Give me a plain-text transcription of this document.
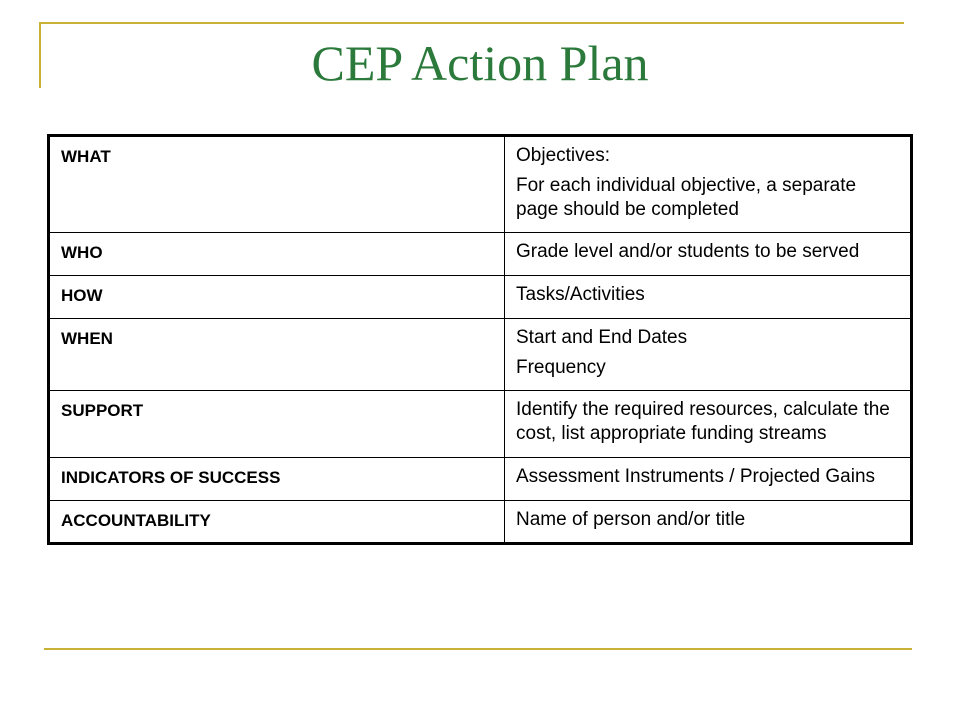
CEP Action Plan
WHAT	Objectives:

For each individual objective, a separate page should be completed

WHO	Grade level and/or students to be served

HOW	Tasks/Activities

WHEN	Start and End Dates

Frequency

SUPPORT	Identify the required resources, calculate the cost, list appropriate funding streams

INDICATORS OF SUCCESS	Assessment Instruments / Projected Gains

ACCOUNTABILITY	Name of person and/or title
